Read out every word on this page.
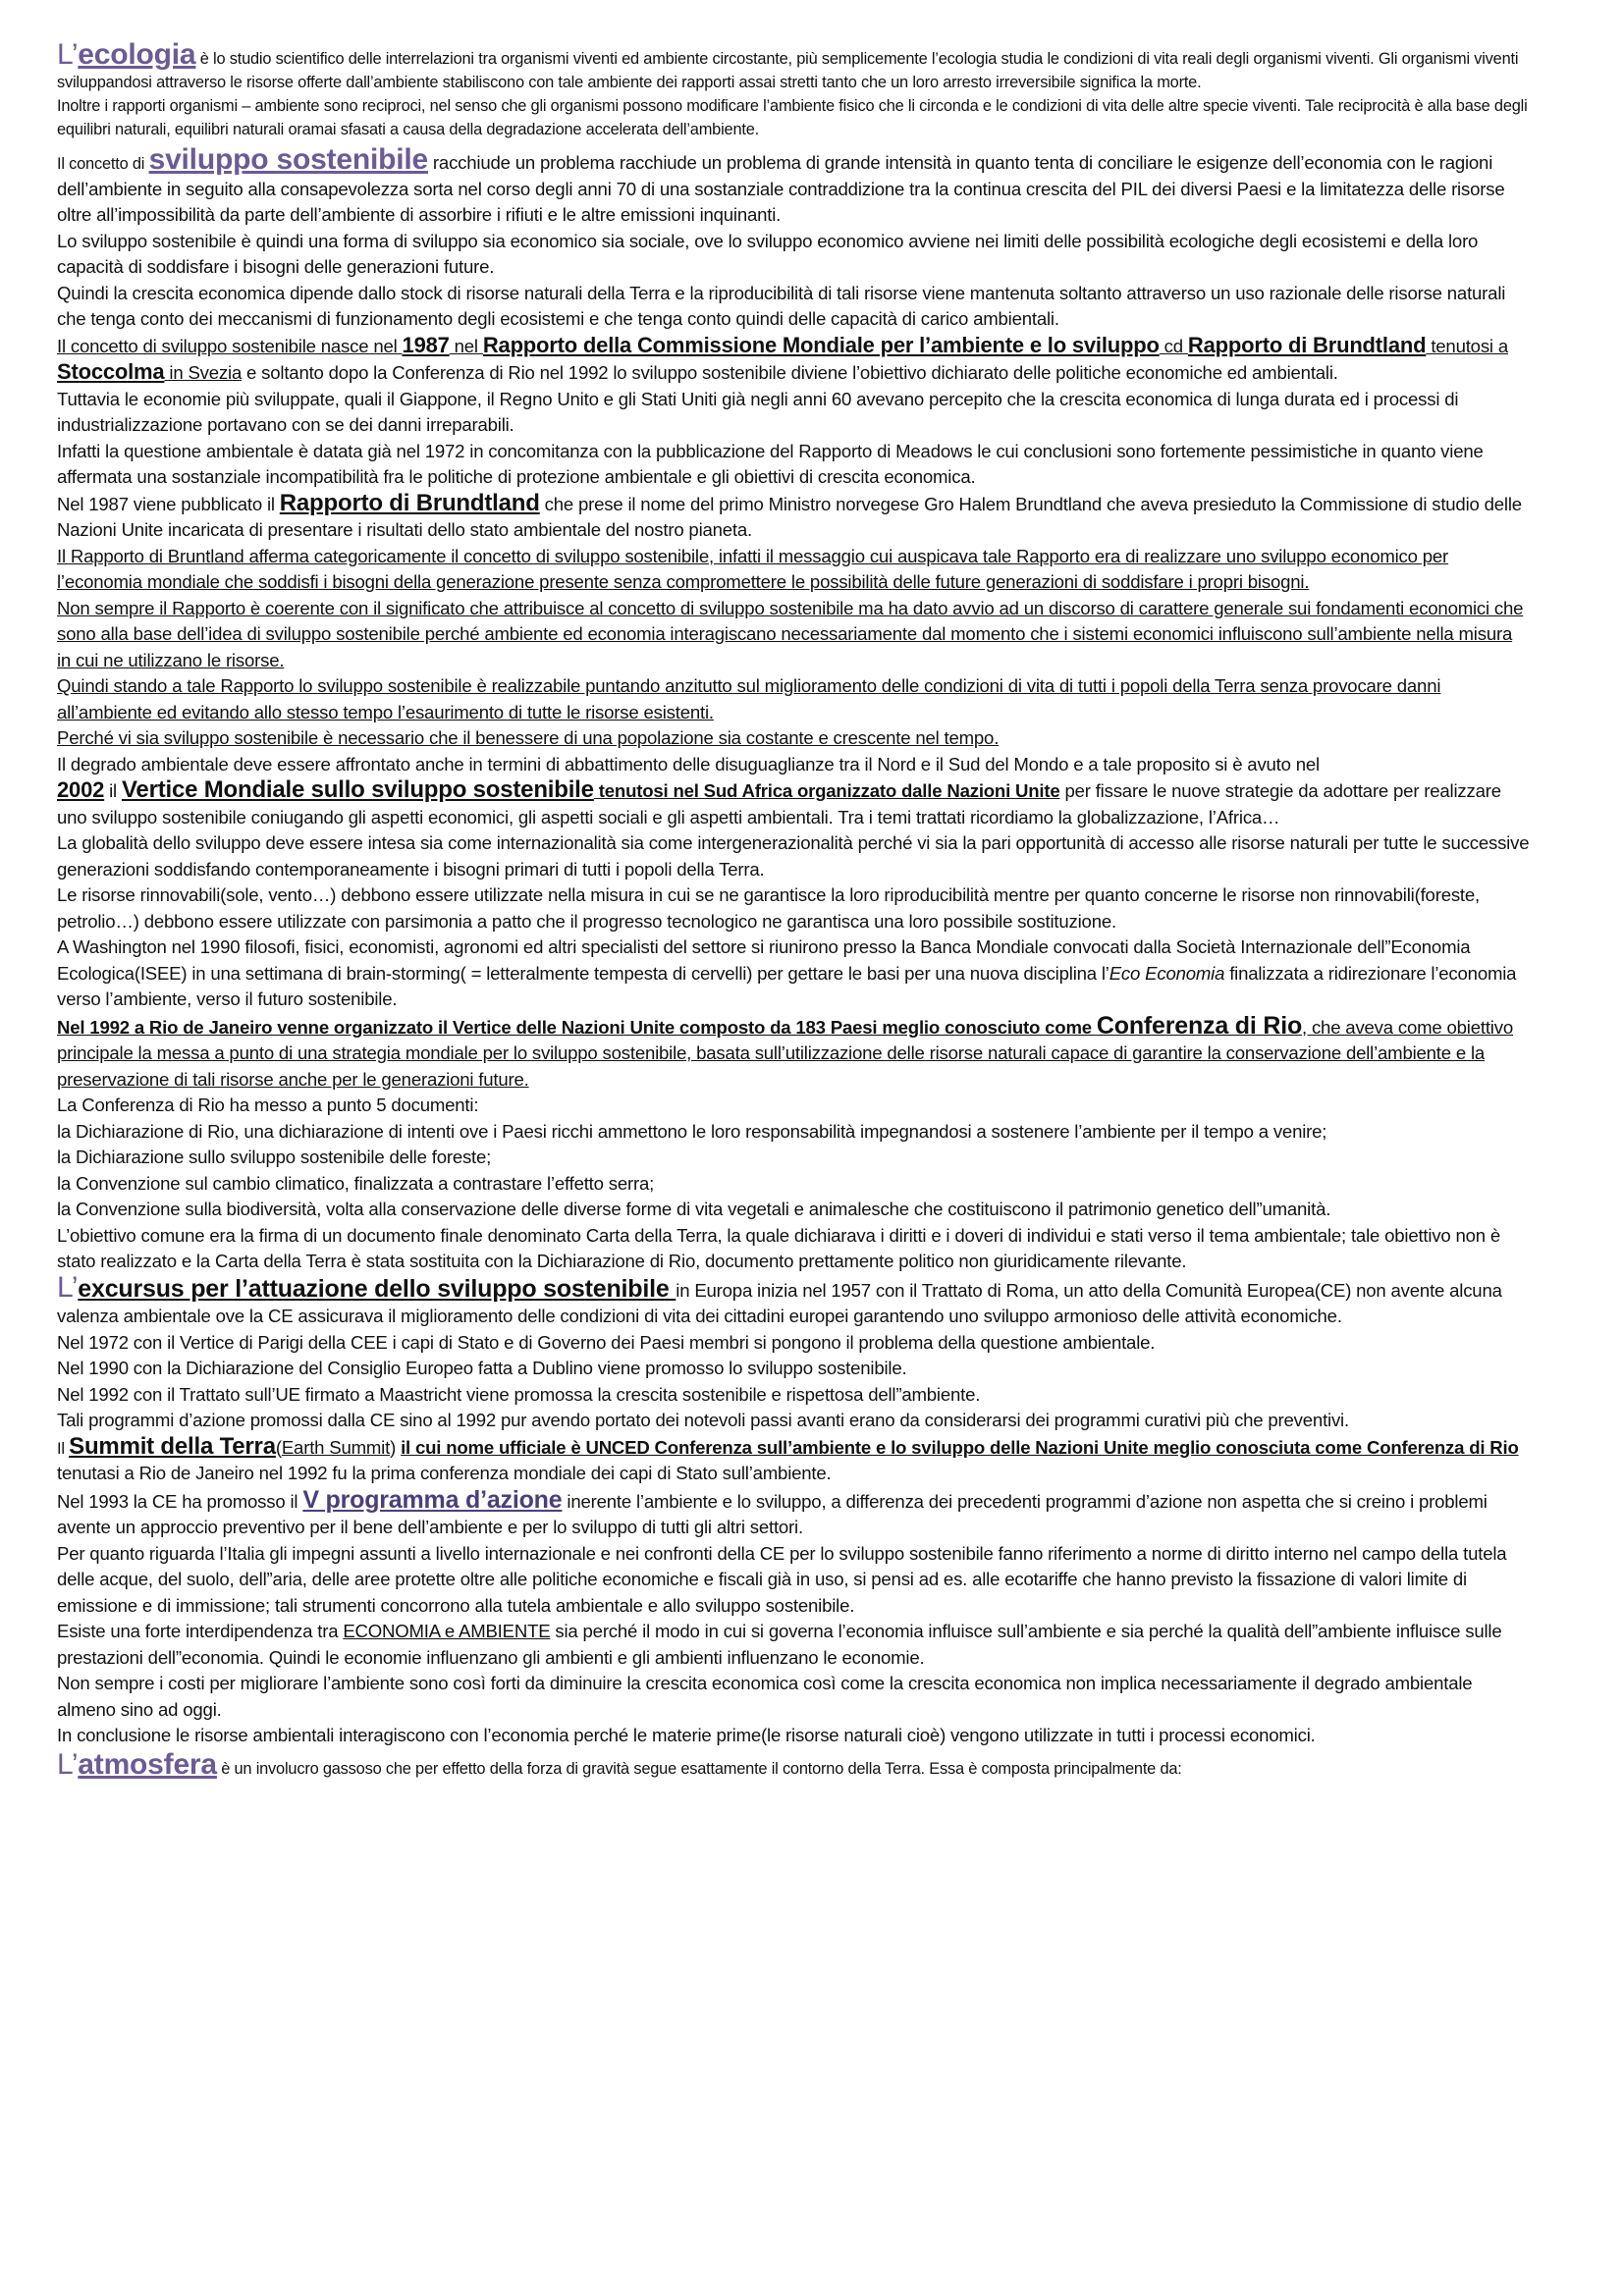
L’ecologia è lo studio scientifico delle interrelazioni tra organismi viventi ed ambiente circostante, più semplicemente l’ecologia studia le condizioni di vita reali degli organismi viventi. Gli organismi viventi sviluppandosi attraverso le risorse offerte dall’ambiente stabiliscono con tale ambiente dei rapporti assai stretti tanto che un loro arresto irreversibile significa la morte.

Inoltre i rapporti organismi – ambiente sono reciproci, nel senso che gli organismi possono modificare l’ambiente fisico che li circonda e le condizioni di vita delle altre specie viventi. Tale reciprocità è alla base degli equilibri naturali, equilibri naturali oramai sfasati a causa della degradazione accelerata dell’ambiente.

Il concetto di sviluppo sostenibile racchiude un problema racchiude un problema di grande intensità in quanto tenta di conciliare le esigenze dell’economia con le ragioni dell’ambiente in seguito alla consapevolezza sorta nel corso degli anni 70 di una sostanziale contraddizione tra la continua crescita del PIL dei diversi Paesi e la limitatezza delle risorse oltre all’impossibilità da parte dell’ambiente di assorbire i rifiuti e le altre emissioni inquinanti.

Lo sviluppo sostenibile è quindi una forma di sviluppo sia economico sia sociale, ove lo sviluppo economico avviene nei limiti delle possibilità ecologiche degli ecosistemi e della loro capacità di soddisfare i bisogni delle generazioni future.

Quindi la crescita economica dipende dallo stock di risorse naturali della Terra e la riproducibilità di tali risorse viene mantenuta soltanto attraverso un uso razionale delle risorse naturali che tenga conto dei meccanismi di funzionamento degli ecosistemi e che tenga conto quindi delle capacità di carico ambientali.

Il concetto di sviluppo sostenibile nasce nel 1987 nel Rapporto della Commissione Mondiale per l’ambiente e lo sviluppo cd Rapporto di Brundtland tenutosi a Stoccolma in Svezia e soltanto dopo la Conferenza di Rio nel 1992 lo sviluppo sostenibile diviene l’obiettivo dichiarato delle politiche economiche ed ambientali.

Tuttavia le economie più sviluppate, quali il Giappone, il Regno Unito e gli Stati Uniti già negli anni 60 avevano percepito che la crescita economica di lunga durata ed i processi di industrializzazione portavano con se dei danni irreparabili.

Infatti la questione ambientale è datata già nel 1972 in concomitanza con la pubblicazione del Rapporto di Meadows le cui conclusioni sono fortemente pessimistiche in quanto viene affermata una sostanziale incompatibilità fra le politiche di protezione ambientale e gli obiettivi di crescita economica.

Nel 1987 viene pubblicato il Rapporto di Brundtland che prese il nome del primo Ministro norvegese Gro Halem Brundtland che aveva presieduto la Commissione di studio delle Nazioni Unite incaricata di presentare i risultati dello stato ambientale del nostro pianeta.

Il Rapporto di Bruntland afferma categoricamente il concetto di sviluppo sostenibile, infatti il messaggio cui auspicava tale Rapporto era di realizzare uno sviluppo economico per l’economia mondiale che soddisfi i bisogni della generazione presente senza compromettere le possibilità delle future generazioni di soddisfare i propri bisogni.

Non sempre il Rapporto è coerente con il significato che attribuisce al concetto di sviluppo sostenibile ma ha dato avvio ad un discorso di carattere generale sui fondamenti economici che sono alla base dell’idea di sviluppo sostenibile perché ambiente ed economia interagiscano necessariamente dal momento che i sistemi economici influiscono sull’ambiente nella misura in cui ne utilizzano le risorse.

Quindi stando a tale Rapporto lo sviluppo sostenibile è realizzabile puntando anzitutto sul miglioramento delle condizioni di vita di tutti i popoli della Terra senza provocare danni all’ambiente ed evitando allo stesso tempo l’esaurimento di tutte le risorse esistenti.

Perché vi sia sviluppo sostenibile è necessario che il benessere di una popolazione sia costante e crescente nel tempo.

Il degrado ambientale deve essere affrontato anche in termini di abbattimento delle disuguaglianze tra il Nord e il Sud del Mondo e a tale proposito si è avuto nel

2002 il Vertice Mondiale sullo sviluppo sostenibile tenutosi nel Sud Africa organizzato dalle Nazioni Unite per fissare le nuove strategie da adottare per realizzare uno sviluppo sostenibile coniugando gli aspetti economici, gli aspetti sociali e gli aspetti ambientali. Tra i temi trattati ricordiamo la globalizzazione, l’Africa…

La globalità dello sviluppo deve essere intesa sia come internazionalità sia come intergenerazionalità perché vi sia la pari opportunità di accesso alle risorse naturali per tutte le successive generazioni soddisfando contemporaneamente i bisogni primari di tutti i popoli della Terra.

Le risorse rinnovabili(sole, vento…) debbono essere utilizzate nella misura in cui se ne garantisce la loro riproducibilità mentre per quanto concerne le risorse non rinnovabili(foreste, petrolio…) debbono essere utilizzate con parsimonia a patto che il progresso tecnologico ne garantisca una loro possibile sostituzione.

A Washington nel 1990 filosofi, fisici, economisti, agronomi ed altri specialisti del settore si riunirono presso la Banca Mondiale convocati dalla Società Internazionale dell”Economia Ecologica(ISEE) in una settimana di brain-storming( = letteralmente tempesta di cervelli) per gettare le basi per una nuova disciplina l’Eco Economia finalizzata a ridirezionare l’economia verso l’ambiente, verso il futuro sostenibile.

Nel 1992 a Rio de Janeiro venne organizzato il Vertice delle Nazioni Unite composto da 183 Paesi meglio conosciuto come Conferenza di Rio, che aveva come obiettivo principale la messa a punto di una strategia mondiale per lo sviluppo sostenibile, basata sull’utilizzazione delle risorse naturali capace di garantire la conservazione dell’ambiente e la preservazione di tali risorse anche per le generazioni future.

La Conferenza di Rio ha messo a punto 5 documenti:

la Dichiarazione di Rio, una dichiarazione di intenti ove i Paesi ricchi ammettono le loro responsabilità impegnandosi a sostenere l’ambiente per il tempo a venire;

la Dichiarazione sullo sviluppo sostenibile delle foreste;

la Convenzione sul cambio climatico, finalizzata a contrastare l’effetto serra;

la Convenzione sulla biodiversità, volta alla conservazione delle diverse forme di vita vegetali e animalesche che costituiscono il patrimonio genetico dell”umanità.

L’obiettivo comune era la firma di un documento finale denominato Carta della Terra, la quale dichiarava i diritti e i doveri di individui e stati verso il tema ambientale; tale obiettivo non è stato realizzato e la Carta della Terra è stata sostituita con la Dichiarazione di Rio, documento prettamente politico non giuridicamente rilevante.

L’excursus per l’attuazione dello sviluppo sostenibile in Europa inizia nel 1957 con il Trattato di Roma, un atto della Comunità Europea(CE) non avente alcuna valenza ambientale ove la CE assicurava il miglioramento delle condizioni di vita dei cittadini europei garantendo uno sviluppo armonioso delle attività economiche.

Nel 1972 con il Vertice di Parigi della CEE i capi di Stato e di Governo dei Paesi membri si pongono il problema della questione ambientale.

Nel 1990 con la Dichiarazione del Consiglio Europeo fatta a Dublino viene promosso lo sviluppo sostenibile.

Nel 1992 con il Trattato sull’UE firmato a Maastricht viene promossa la crescita sostenibile e rispettosa dell”ambiente.

Tali programmi d’azione promossi dalla CE sino al 1992 pur avendo portato dei notevoli passi avanti erano da considerarsi dei programmi curativi più che preventivi.

Il Summit della Terra(Earth Summit) il cui nome ufficiale è UNCED Conferenza sull’ambiente e lo sviluppo delle Nazioni Unite meglio conosciuta come Conferenza di Rio tenutasi a Rio de Janeiro nel 1992 fu la prima conferenza mondiale dei capi di Stato sull’ambiente.

Nel 1993 la CE ha promosso il V programma d’azione inerente l’ambiente e lo sviluppo, a differenza dei precedenti programmi d’azione non aspetta che si creino i problemi avente un approccio preventivo per il bene dell’ambiente e per lo sviluppo di tutti gli altri settori.

Per quanto riguarda l’Italia gli impegni assunti a livello internazionale e nei confronti della CE per lo sviluppo sostenibile fanno riferimento a norme di diritto interno nel campo della tutela delle acque, del suolo, dell”aria, delle aree protette oltre alle politiche economiche e fiscali già in uso, si pensi ad es. alle ecotariffe che hanno previsto la fissazione di valori limite di emissione e di immissione; tali strumenti concorrono alla tutela ambientale e allo sviluppo sostenibile.

Esiste una forte interdipendenza tra ECONOMIA e AMBIENTE sia perché il modo in cui si governa l’economia influisce sull’ambiente e sia perché la qualità dell”ambiente influisce sulle prestazioni dell”economia. Quindi le economie influenzano gli ambienti e gli ambienti influenzano le economie.

Non sempre i costi per migliorare l’ambiente sono così forti da diminuire la crescita economica così come la crescita economica non implica necessariamente il degrado ambientale almeno sino ad oggi.

In conclusione le risorse ambientali interagiscono con l’economia perché le materie prime(le risorse naturali cioè) vengono utilizzate in tutti i processi economici.

L’atmosfera è un involucro gassoso che per effetto della forza di gravità segue esattamente il contorno della Terra. Essa è composta principalmente da:
